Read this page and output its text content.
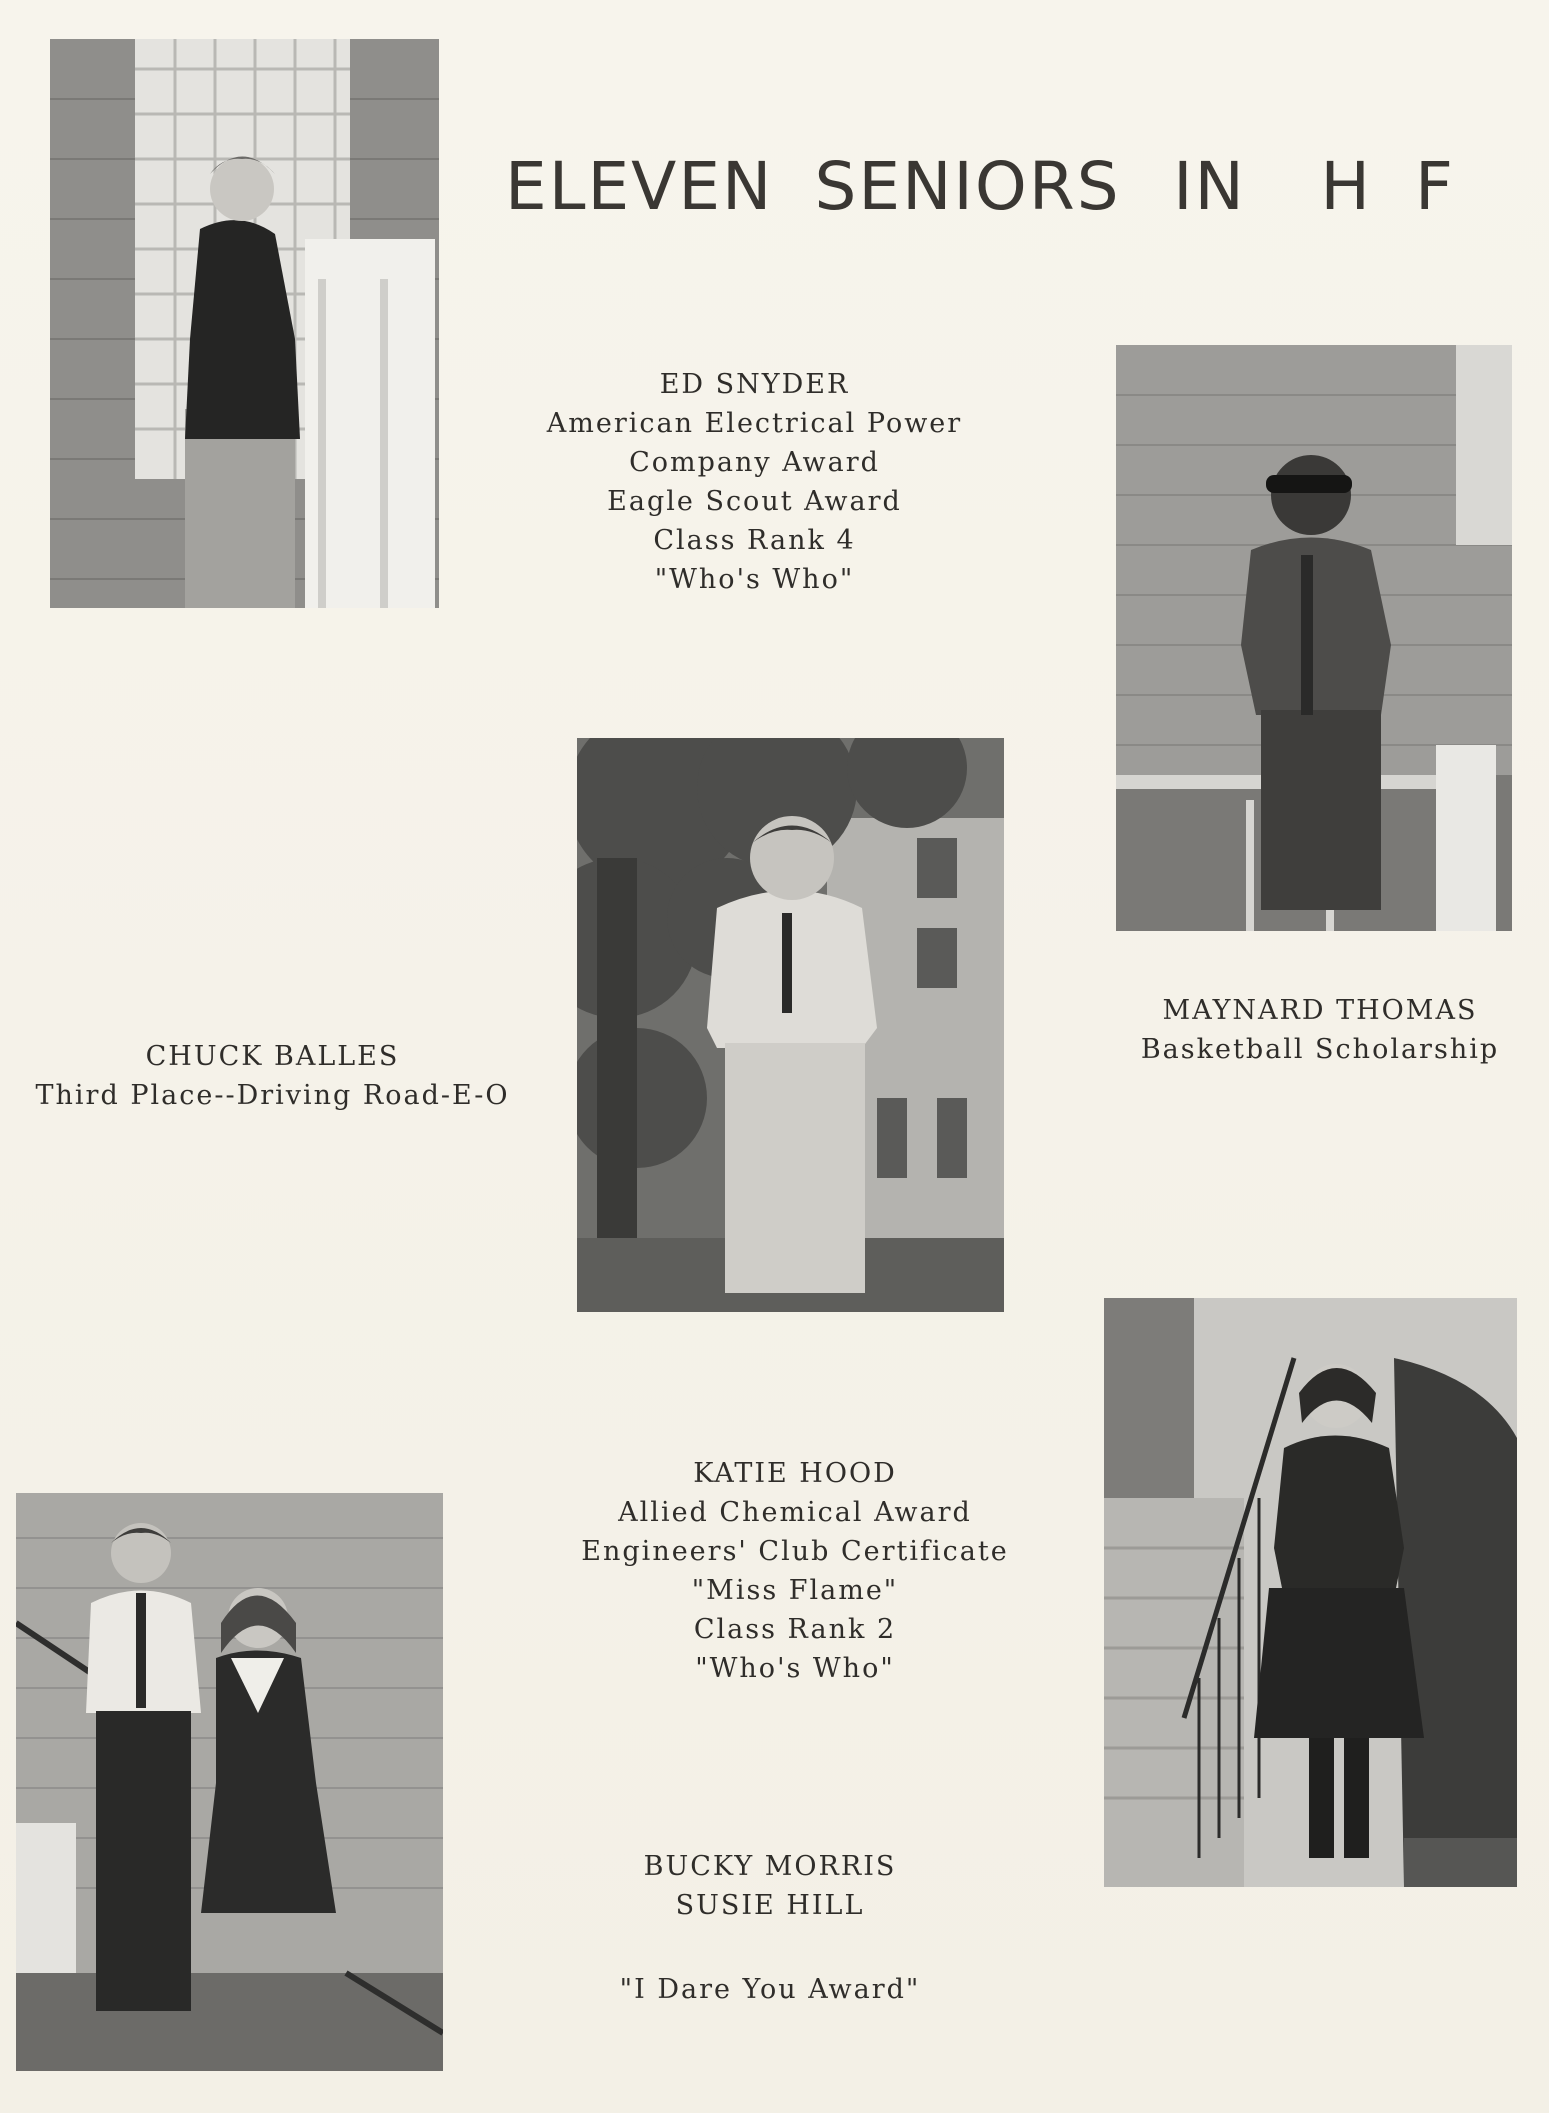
ELEVEN SENIORS IN	H F
ED SNYDER
American Electrical Power
Company Award
Eagle Scout Award
Class Rank 4
"Who's Who"
MAYNARD THOMAS
Basketball Scholarship
CHUCK BALLES
Third Place--Driving Road-E-O
KATIE HOOD
Allied Chemical Award
Engineers' Club Certificate
"Miss Flame"
Class Rank 2
"Who's Who"
BUCKY MORRIS
SUSIE HILL
"I Dare You Award"
